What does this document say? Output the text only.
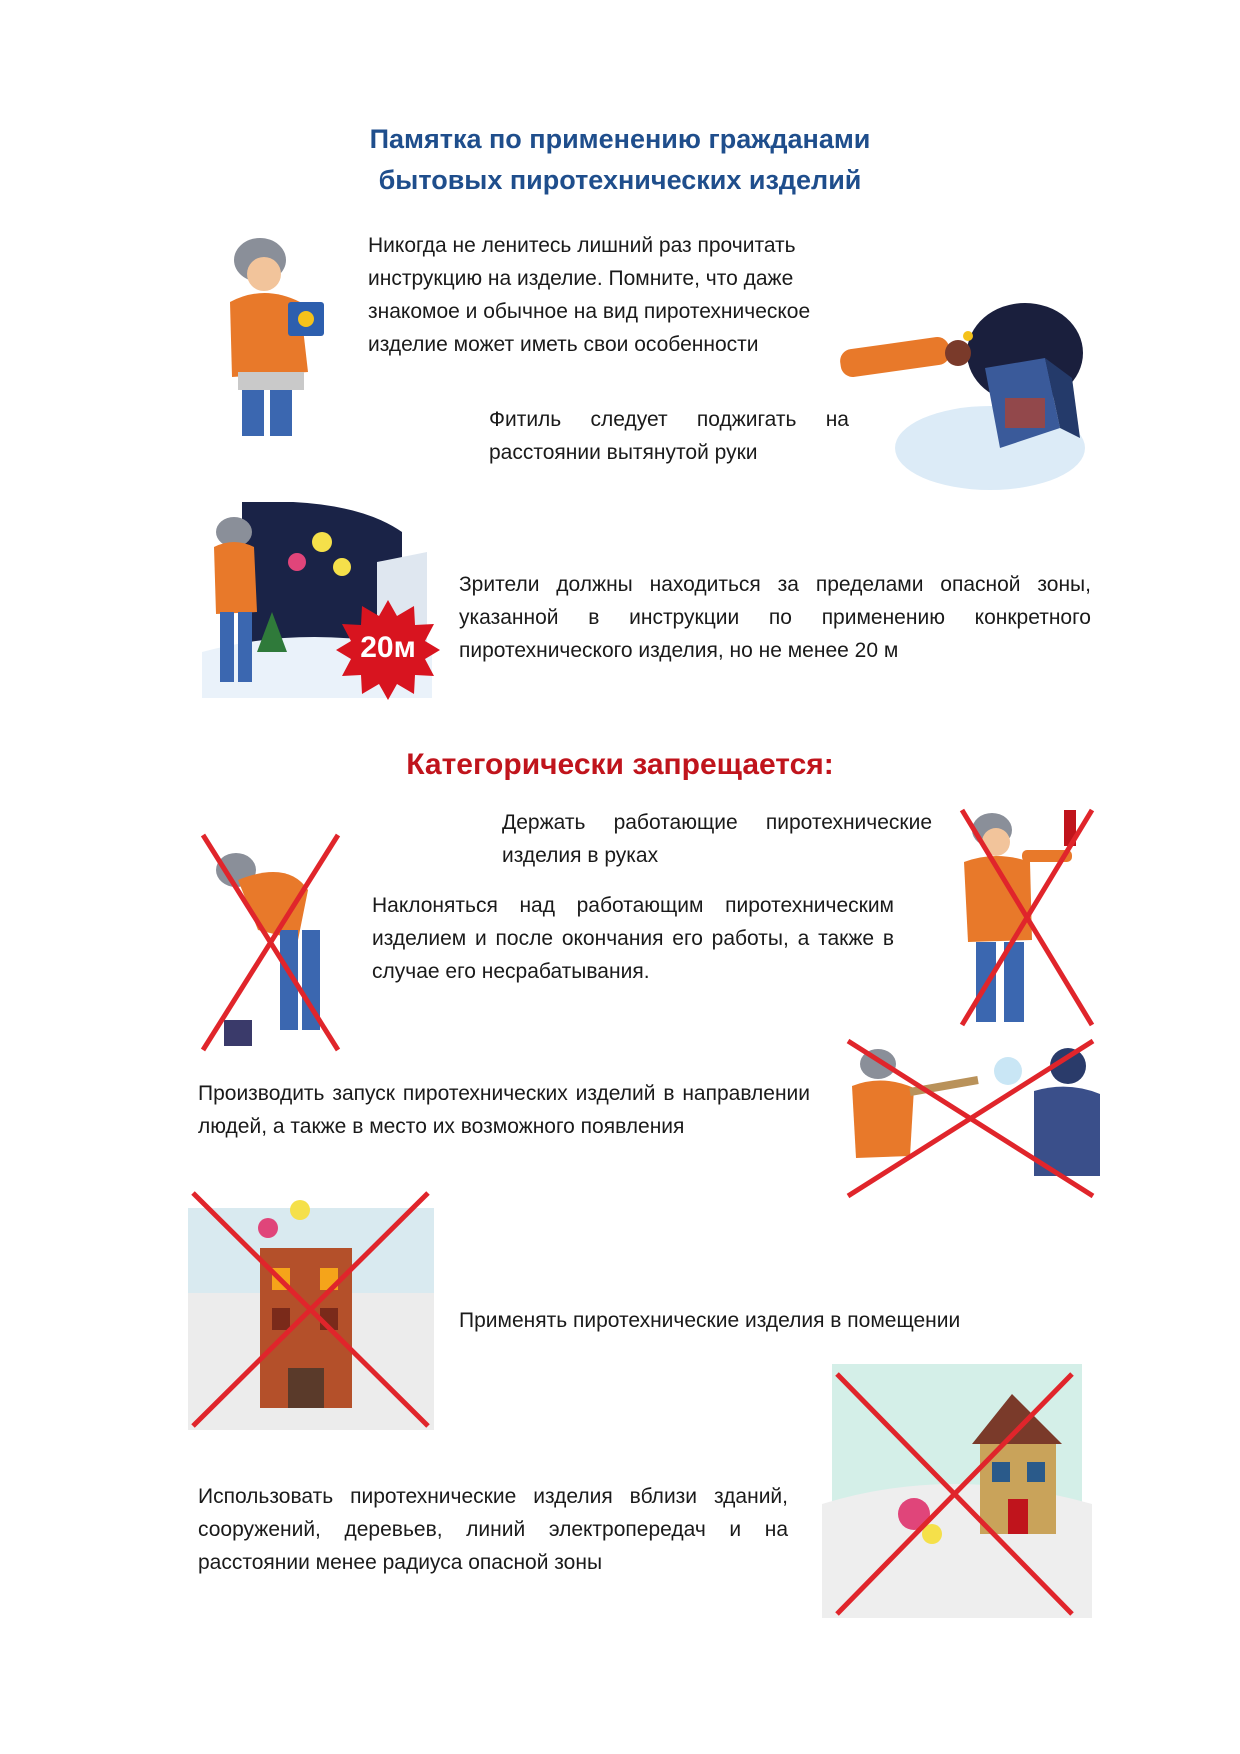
Памятка по применению гражданами
бытовых пиротехнических изделий
Никогда не ленитесь лишний раз прочитать инструкцию на изделие. Помните, что даже знакомое и обычное на вид пиротехническое изделие может иметь свои особенности
Фитиль следует поджигать на
расстоянии вытянутой руки
20м
Зрители должны находиться за пределами опасной зоны, указанной в инструкции по применению конкретного пиротехнического изделия, но не менее 20 м
Категорически запрещается:
Держать работающие пиротехнические
изделия в руках
Наклоняться над работающим пиротехническим изделием и после окончания его работы, а также в случае его несрабатывания.
Производить запуск пиротехнических изделий в направлении людей, а также в место их возможного появления
Применять пиротехнические изделия в помещении
Использовать пиротехнические изделия вблизи зданий, сооружений, деревьев, линий электропередач и на расстоянии менее радиуса опасной зоны
